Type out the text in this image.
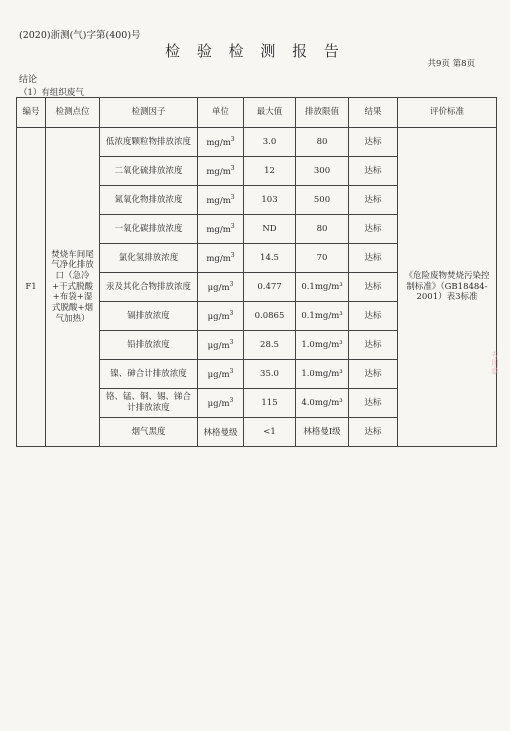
(2020)浙测(气)字第(400)号
检 验 检 测 报 告
共9页 第8页
结论
（1）有组织废气
编号	检测点位	检测因子	单位	最大值	排放限值	结果	评价标准
F1	焚烧车间尾气净化排放口（急冷+干式脱酸+布袋+湿式脱酸+烟气加热）	低浓度颗粒物排放浓度	$mg/m^3$	3.0	80	达标	《危险废物焚烧污染控制标准》（GB18484-2001）表3标准
		二氧化硫排放浓度	$mg/m^3$	12	300	达标	
		氮氧化物排放浓度	$mg/m^3$	103	500	达标	
		一氧化碳排放浓度	$mg/m^3$	ND	80	达标	
		氯化氢排放浓度	$mg/m^3$	14.5	70	达标	
		汞及其化合物排放浓度	$\mu g/m^3$	0.477	0.1mg/m³	达标	
		镉排放浓度	$\mu g/m^3$	0.0865	0.1mg/m³	达标	
		铅排放浓度	$\mu g/m^3$	28.5	1.0mg/m³	达标	
		镍、砷合计排放浓度	$\mu g/m^3$	35.0	1.0mg/m³	达标	
		铬、锰、铜、锡、锑合计排放浓度	$\mu g/m^3$	115	4.0mg/m³	达标	
		烟气黑度	林格曼级	<1	林格曼Ⅰ级	达标	
专用章
